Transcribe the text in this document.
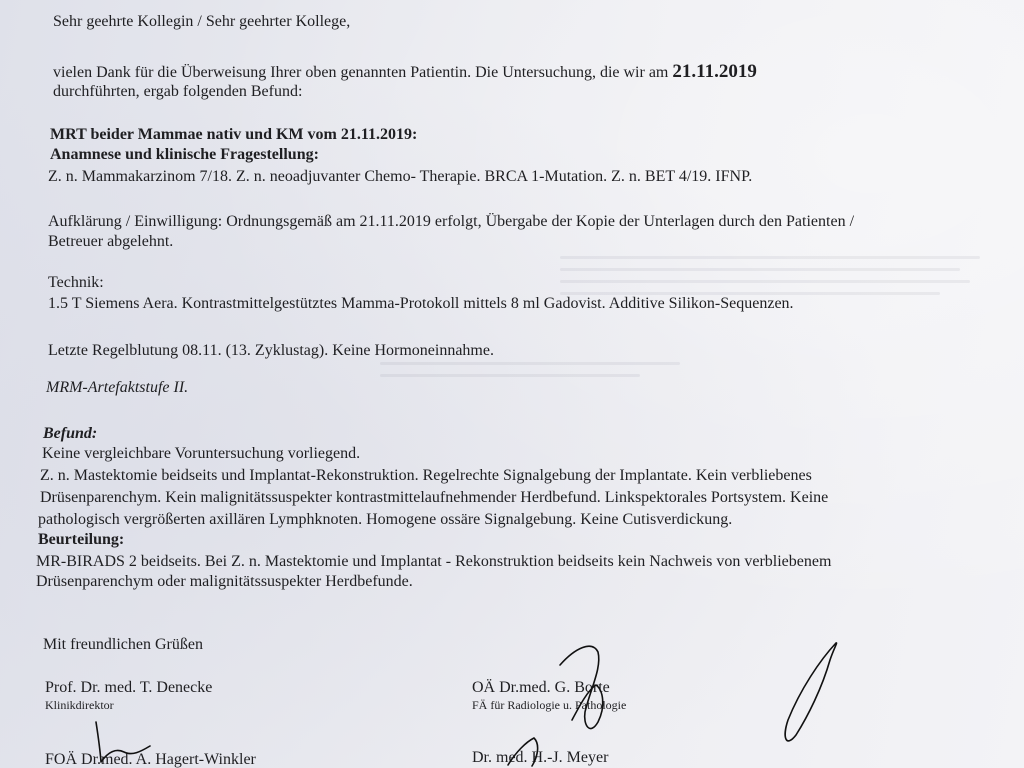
Sehr geehrte Kollegin / Sehr geehrter Kollege,
vielen Dank für die Überweisung Ihrer oben genannten Patientin. Die Untersuchung, die wir am 21.11.2019
durchführten, ergab folgenden Befund:
MRT beider Mammae nativ und KM vom 21.11.2019:
Anamnese und klinische Fragestellung:
Z. n. Mammakarzinom 7/18. Z. n. neoadjuvanter Chemo- Therapie. BRCA 1-Mutation. Z. n. BET 4/19. IFNP.
Aufklärung / Einwilligung: Ordnungsgemäß am 21.11.2019 erfolgt, Übergabe der Kopie der Unterlagen durch den Patienten /
Betreuer abgelehnt.
Technik:
1.5 T Siemens Aera. Kontrastmittelgestütztes Mamma-Protokoll mittels 8 ml Gadovist. Additive Silikon-Sequenzen.
Letzte Regelblutung 08.11. (13. Zyklustag). Keine Hormoneinnahme.
MRM-Artefaktstufe II.
Befund:
Keine vergleichbare Voruntersuchung vorliegend.
Z. n. Mastektomie beidseits und Implantat-Rekonstruktion. Regelrechte Signalgebung der Implantate. Kein verbliebenes
Drüsenparenchym. Kein malignitätssuspekter kontrastmittelaufnehmender Herdbefund. Linkspektorales Portsystem. Keine
pathologisch vergrößerten axillären Lymphknoten. Homogene ossäre Signalgebung. Keine Cutisverdickung.
Beurteilung:
MR-BIRADS 2 beidseits. Bei Z. n. Mastektomie und Implantat - Rekonstruktion beidseits kein Nachweis von verbliebenem
Drüsenparenchym oder malignitätssuspekter Herdbefunde.
Mit freundlichen Grüßen
Prof. Dr. med. T. Denecke
Klinikdirektor
OÄ Dr.med. G. Borte
FÄ für Radiologie u. Pathologie
FOÄ Dr.med. A. Hagert-Winkler	Dr. med. H.-J. Meyer
